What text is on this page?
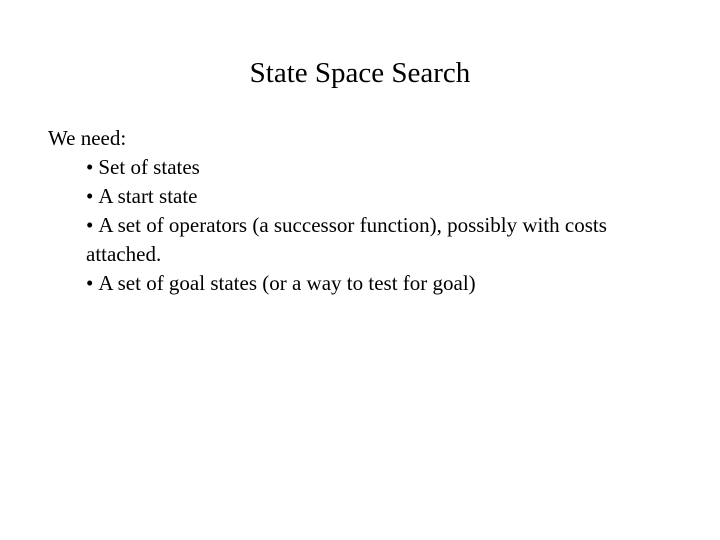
State Space Search
We need:
• Set of states
• A start state
• A set of operators (a successor function), possibly with costs attached.
• A set of goal states (or a way to test for goal)
